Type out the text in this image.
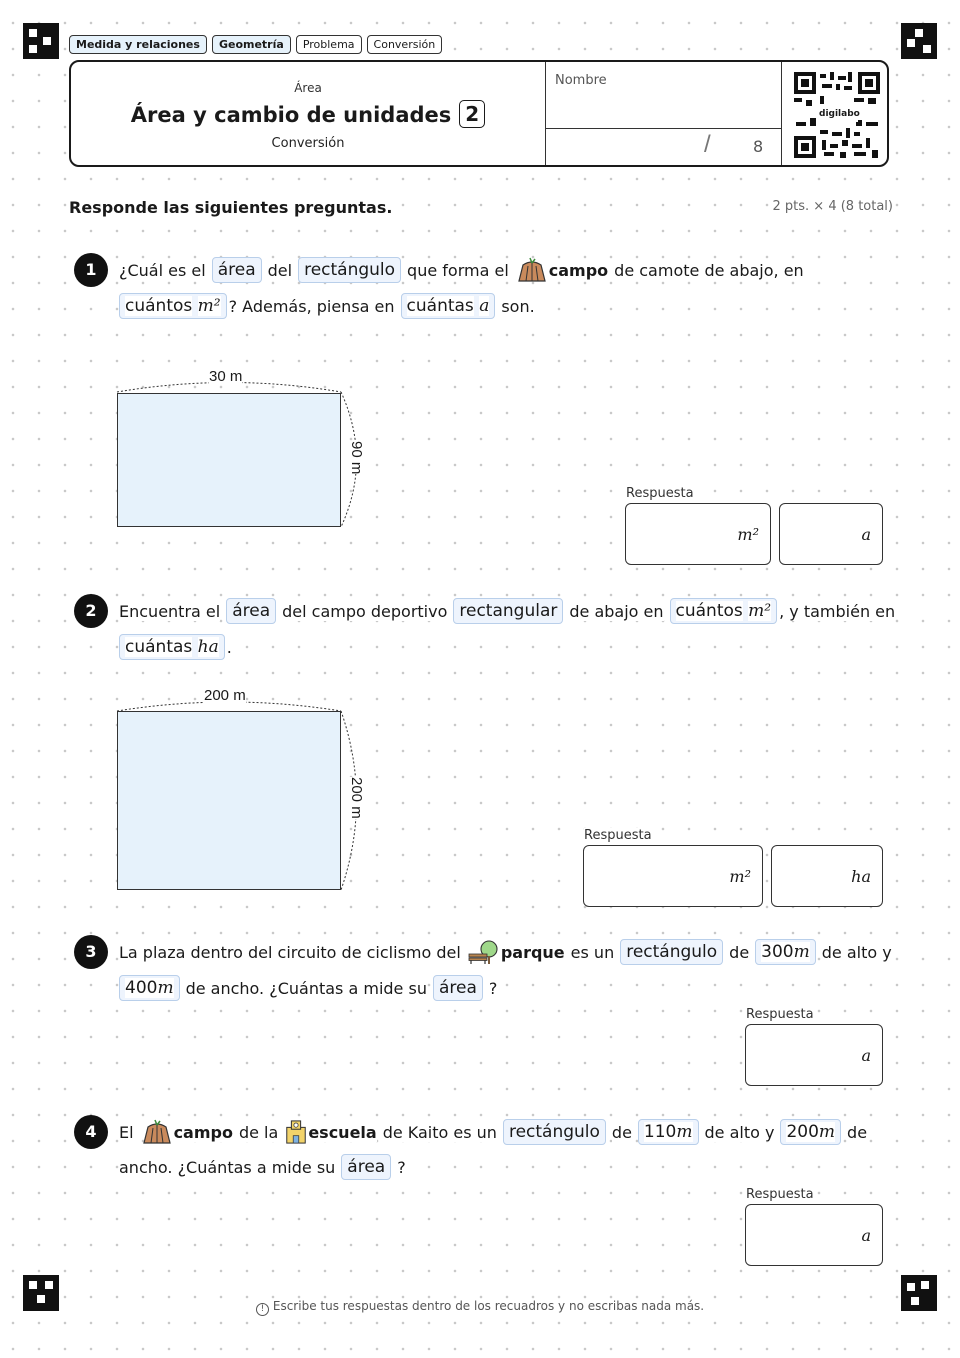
Medida y relaciones	Geometría	Problema	Conversión
Área
Área y cambio de unidades 2
Conversión
Nombre
/	8
digilabo
Responde las siguientes preguntas.	2 pts. × 4 (8 total)
1	¿Cuál es el área del rectángulo que forma el	campo de camote de abajo, en
cuántos m² ? Además, piensa en cuántas a son.
30 m
90 m
Respuesta
m²	a
2	Encuentra el área del campo deportivo rectangular de abajo en cuántos m² , y también en
cuántas ha .
200 m
200 m
Respuesta
m²	ha
3	La plaza dentro del circuito de ciclismo del	parque es un rectángulo de 300m de alto y
400m de ancho. ¿Cuántas a mide su área ?
Respuesta
a
4	El	campo de la escuela de Kaito es un rectángulo de 110m de alto y 200m de
ancho. ¿Cuántas a mide su área ?
Respuesta
a
! Escribe tus respuestas dentro de los recuadros y no escribas nada más.
